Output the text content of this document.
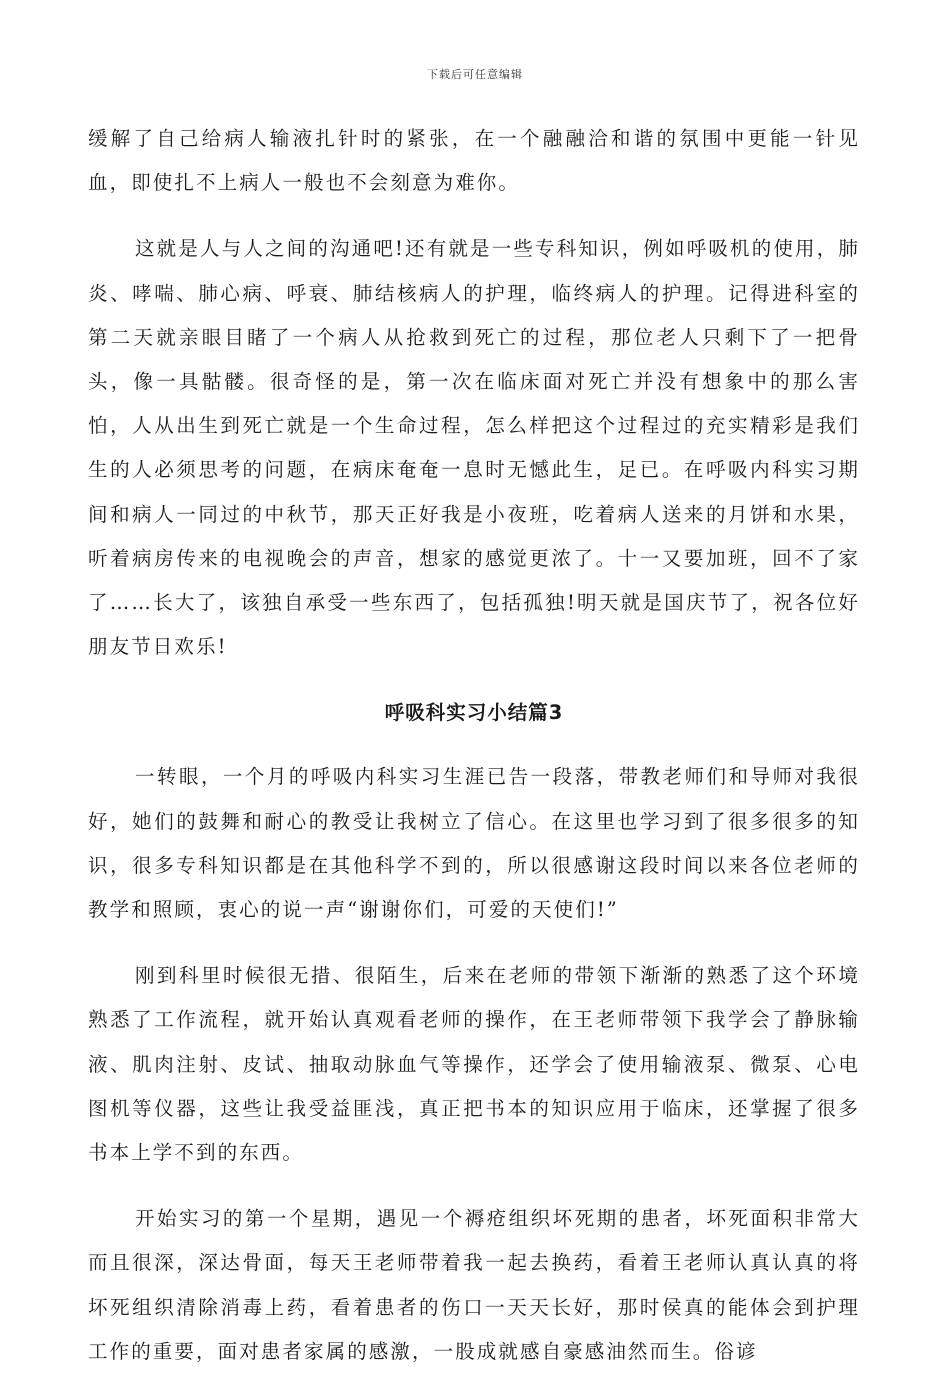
下载后可任意编辑

缓解了自己给病人输液扎针时的紧张，在一个融融洽和谐的氛围中更能一针见血，即使扎不上病人一般也不会刻意为难你。

这就是人与人之间的沟通吧!还有就是一些专科知识，例如呼吸机的使用，肺炎、哮喘、肺心病、呼衰、肺结核病人的护理，临终病人的护理。记得进科室的第二天就亲眼目睹了一个病人从抢救到死亡的过程，那位老人只剩下了一把骨头，像一具骷髅。很奇怪的是，第一次在临床面对死亡并没有想象中的那么害怕，人从出生到死亡就是一个生命过程，怎么样把这个过程过的充实精彩是我们生的人必须思考的问题，在病床奄奄一息时无憾此生，足已。在呼吸内科实习期间和病人一同过的中秋节，那天正好我是小夜班，吃着病人送来的月饼和水果，听着病房传来的电视晚会的声音，想家的感觉更浓了。十一又要加班，回不了家了……长大了，该独自承受一些东西了，包括孤独!明天就是国庆节了，祝各位好朋友节日欢乐!

呼吸科实习小结篇3

一转眼，一个月的呼吸内科实习生涯已告一段落，带教老师们和导师对我很好，她们的鼓舞和耐心的教受让我树立了信心。在这里也学习到了很多很多的知识，很多专科知识都是在其他科学不到的，所以很感谢这段时间以来各位老师的教学和照顾，衷心的说一声“谢谢你们，可爱的天使们!”

刚到科里时候很无措、很陌生，后来在老师的带领下渐渐的熟悉了这个环境熟悉了工作流程，就开始认真观看老师的操作，在王老师带领下我学会了静脉输液、肌肉注射、皮试、抽取动脉血气等操作，还学会了使用输液泵、微泵、心电图机等仪器，这些让我受益匪浅，真正把书本的知识应用于临床，还掌握了很多书本上学不到的东西。

开始实习的第一个星期，遇见一个褥疮组织坏死期的患者，坏死面积非常大而且很深，深达骨面，每天王老师带着我一起去换药，看着王老师认真认真的将坏死组织清除消毒上药，看着患者的伤口一天天长好，那时侯真的能体会到护理工作的重要，面对患者家属的感激，一股成就感自豪感油然而生。俗谚
